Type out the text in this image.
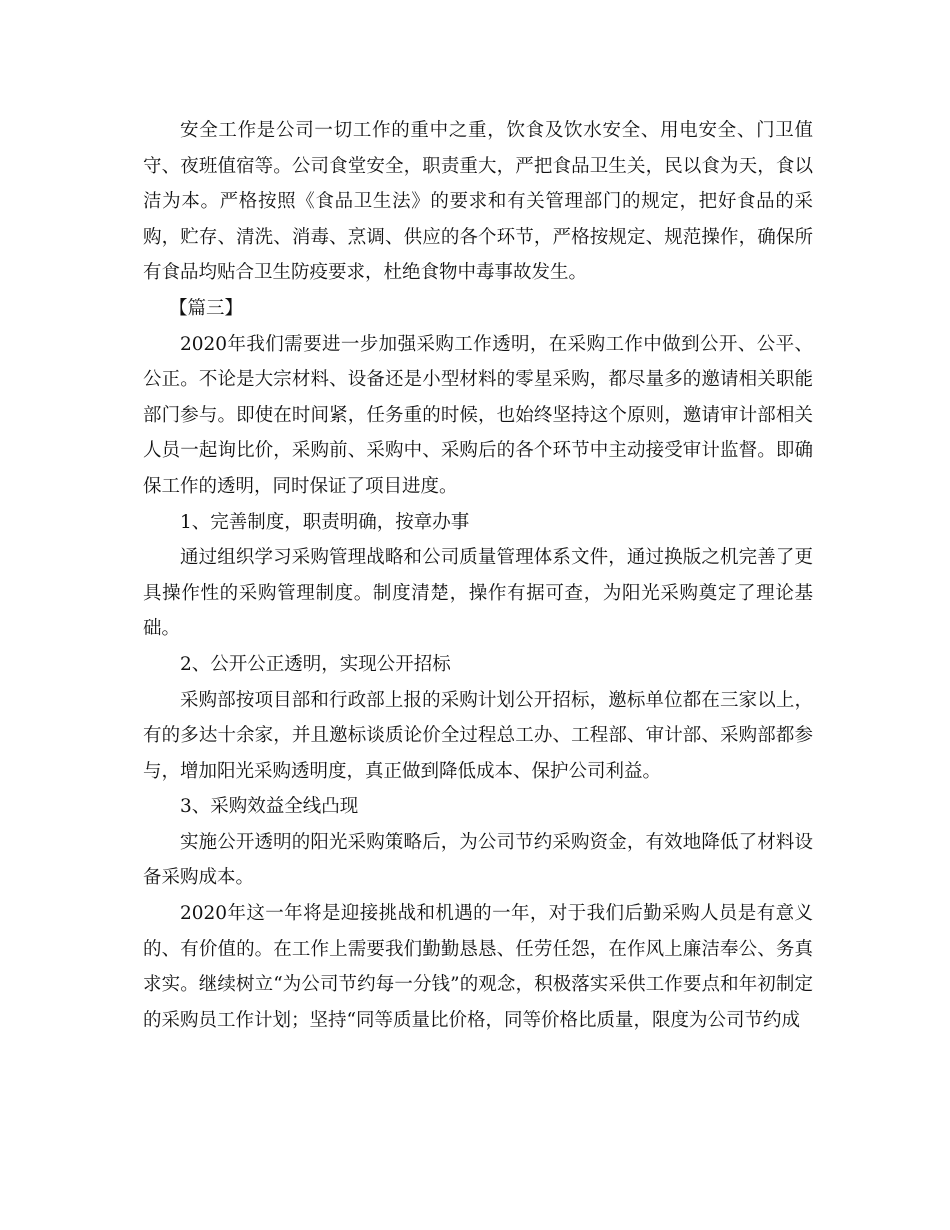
安全工作是公司一切工作的重中之重，饮食及饮水安全、用电安全、门卫值守、夜班值宿等。公司食堂安全，职责重大，严把食品卫生关，民以食为天，食以洁为本。严格按照《食品卫生法》的要求和有关管理部门的规定，把好食品的采购，贮存、清洗、消毒、烹调、供应的各个环节，严格按规定、规范操作，确保所有食品均贴合卫生防疫要求，杜绝食物中毒事故发生。

【篇三】

2020年我们需要进一步加强采购工作透明，在采购工作中做到公开、公平、公正。不论是大宗材料、设备还是小型材料的零星采购，都尽量多的邀请相关职能部门参与。即使在时间紧，任务重的时候，也始终坚持这个原则，邀请审计部相关人员一起询比价，采购前、采购中、采购后的各个环节中主动接受审计监督。即确保工作的透明，同时保证了项目进度。

1、完善制度，职责明确，按章办事

通过组织学习采购管理战略和公司质量管理体系文件，通过换版之机完善了更具操作性的采购管理制度。制度清楚，操作有据可查，为阳光采购奠定了理论基础。

2、公开公正透明，实现公开招标

采购部按项目部和行政部上报的采购计划公开招标，邀标单位都在三家以上，有的多达十余家，并且邀标谈质论价全过程总工办、工程部、审计部、采购部都参与，增加阳光采购透明度，真正做到降低成本、保护公司利益。

3、采购效益全线凸现

实施公开透明的阳光采购策略后，为公司节约采购资金，有效地降低了材料设备采购成本。

2020年这一年将是迎接挑战和机遇的一年，对于我们后勤采购人员是有意义的、有价值的。在工作上需要我们勤勤恳恳、任劳任怨，在作风上廉洁奉公、务真求实。继续树立“为公司节约每一分钱”的观念，积极落实采供工作要点和年初制定的采购员工作计划；坚持“同等质量比价格，同等价格比质量，限度为公司节约成
